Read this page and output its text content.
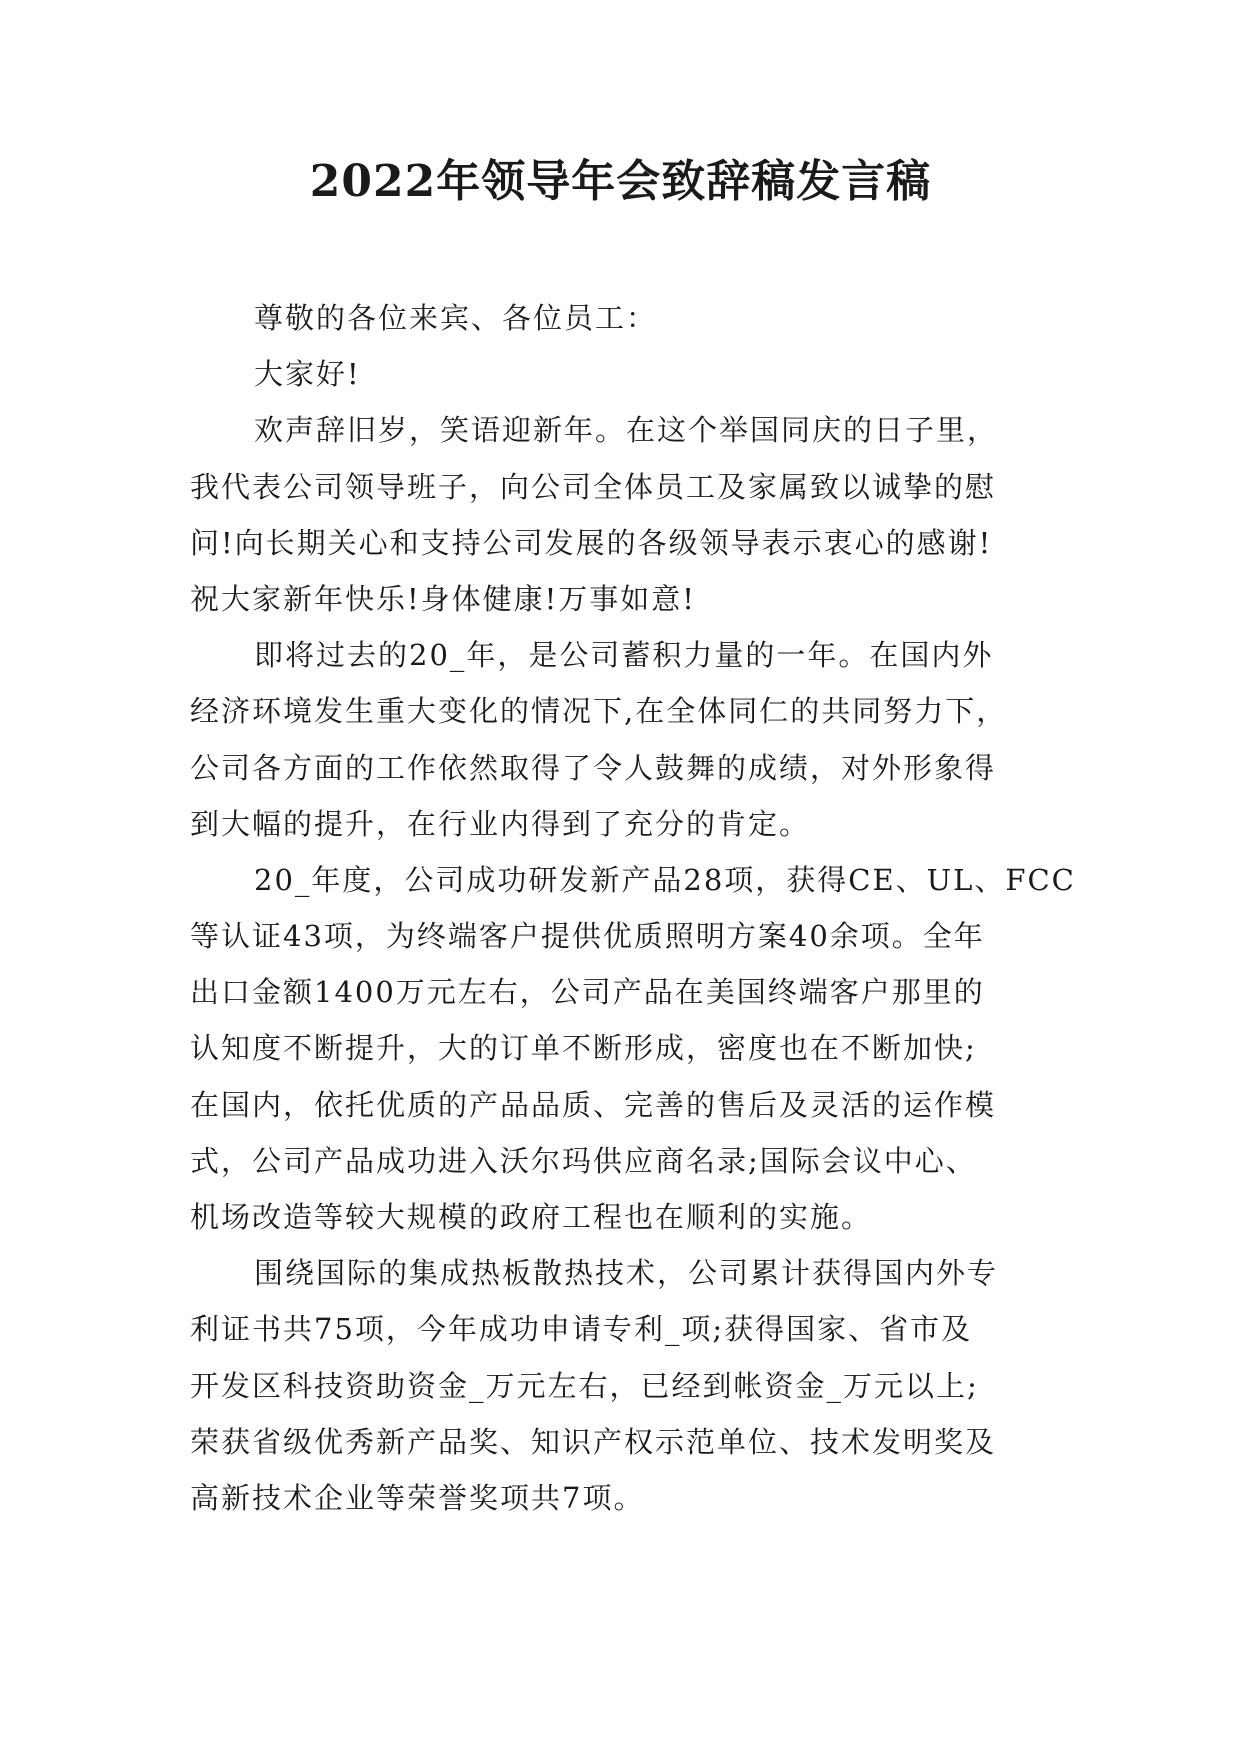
2022年领导年会致辞稿发言稿
尊敬的各位来宾、各位员工：
大家好!
欢声辞旧岁，笑语迎新年。在这个举国同庆的日子里，
我代表公司领导班子，向公司全体员工及家属致以诚挚的慰
问!向长期关心和支持公司发展的各级领导表示衷心的感谢!
祝大家新年快乐!身体健康!万事如意!
即将过去的20_年，是公司蓄积力量的一年。在国内外
经济环境发生重大变化的情况下,在全体同仁的共同努力下，
公司各方面的工作依然取得了令人鼓舞的成绩，对外形象得
到大幅的提升，在行业内得到了充分的肯定。
20_年度，公司成功研发新产品28项，获得CE、UL、FCC
等认证43项，为终端客户提供优质照明方案40余项。全年
出口金额1400万元左右，公司产品在美国终端客户那里的
认知度不断提升，大的订单不断形成，密度也在不断加快;
在国内，依托优质的产品品质、完善的售后及灵活的运作模
式，公司产品成功进入沃尔玛供应商名录;国际会议中心、
机场改造等较大规模的政府工程也在顺利的实施。
围绕国际的集成热板散热技术，公司累计获得国内外专
利证书共75项，今年成功申请专利_项;获得国家、省市及
开发区科技资助资金_万元左右，已经到帐资金_万元以上;
荣获省级优秀新产品奖、知识产权示范单位、技术发明奖及
高新技术企业等荣誉奖项共7项。
